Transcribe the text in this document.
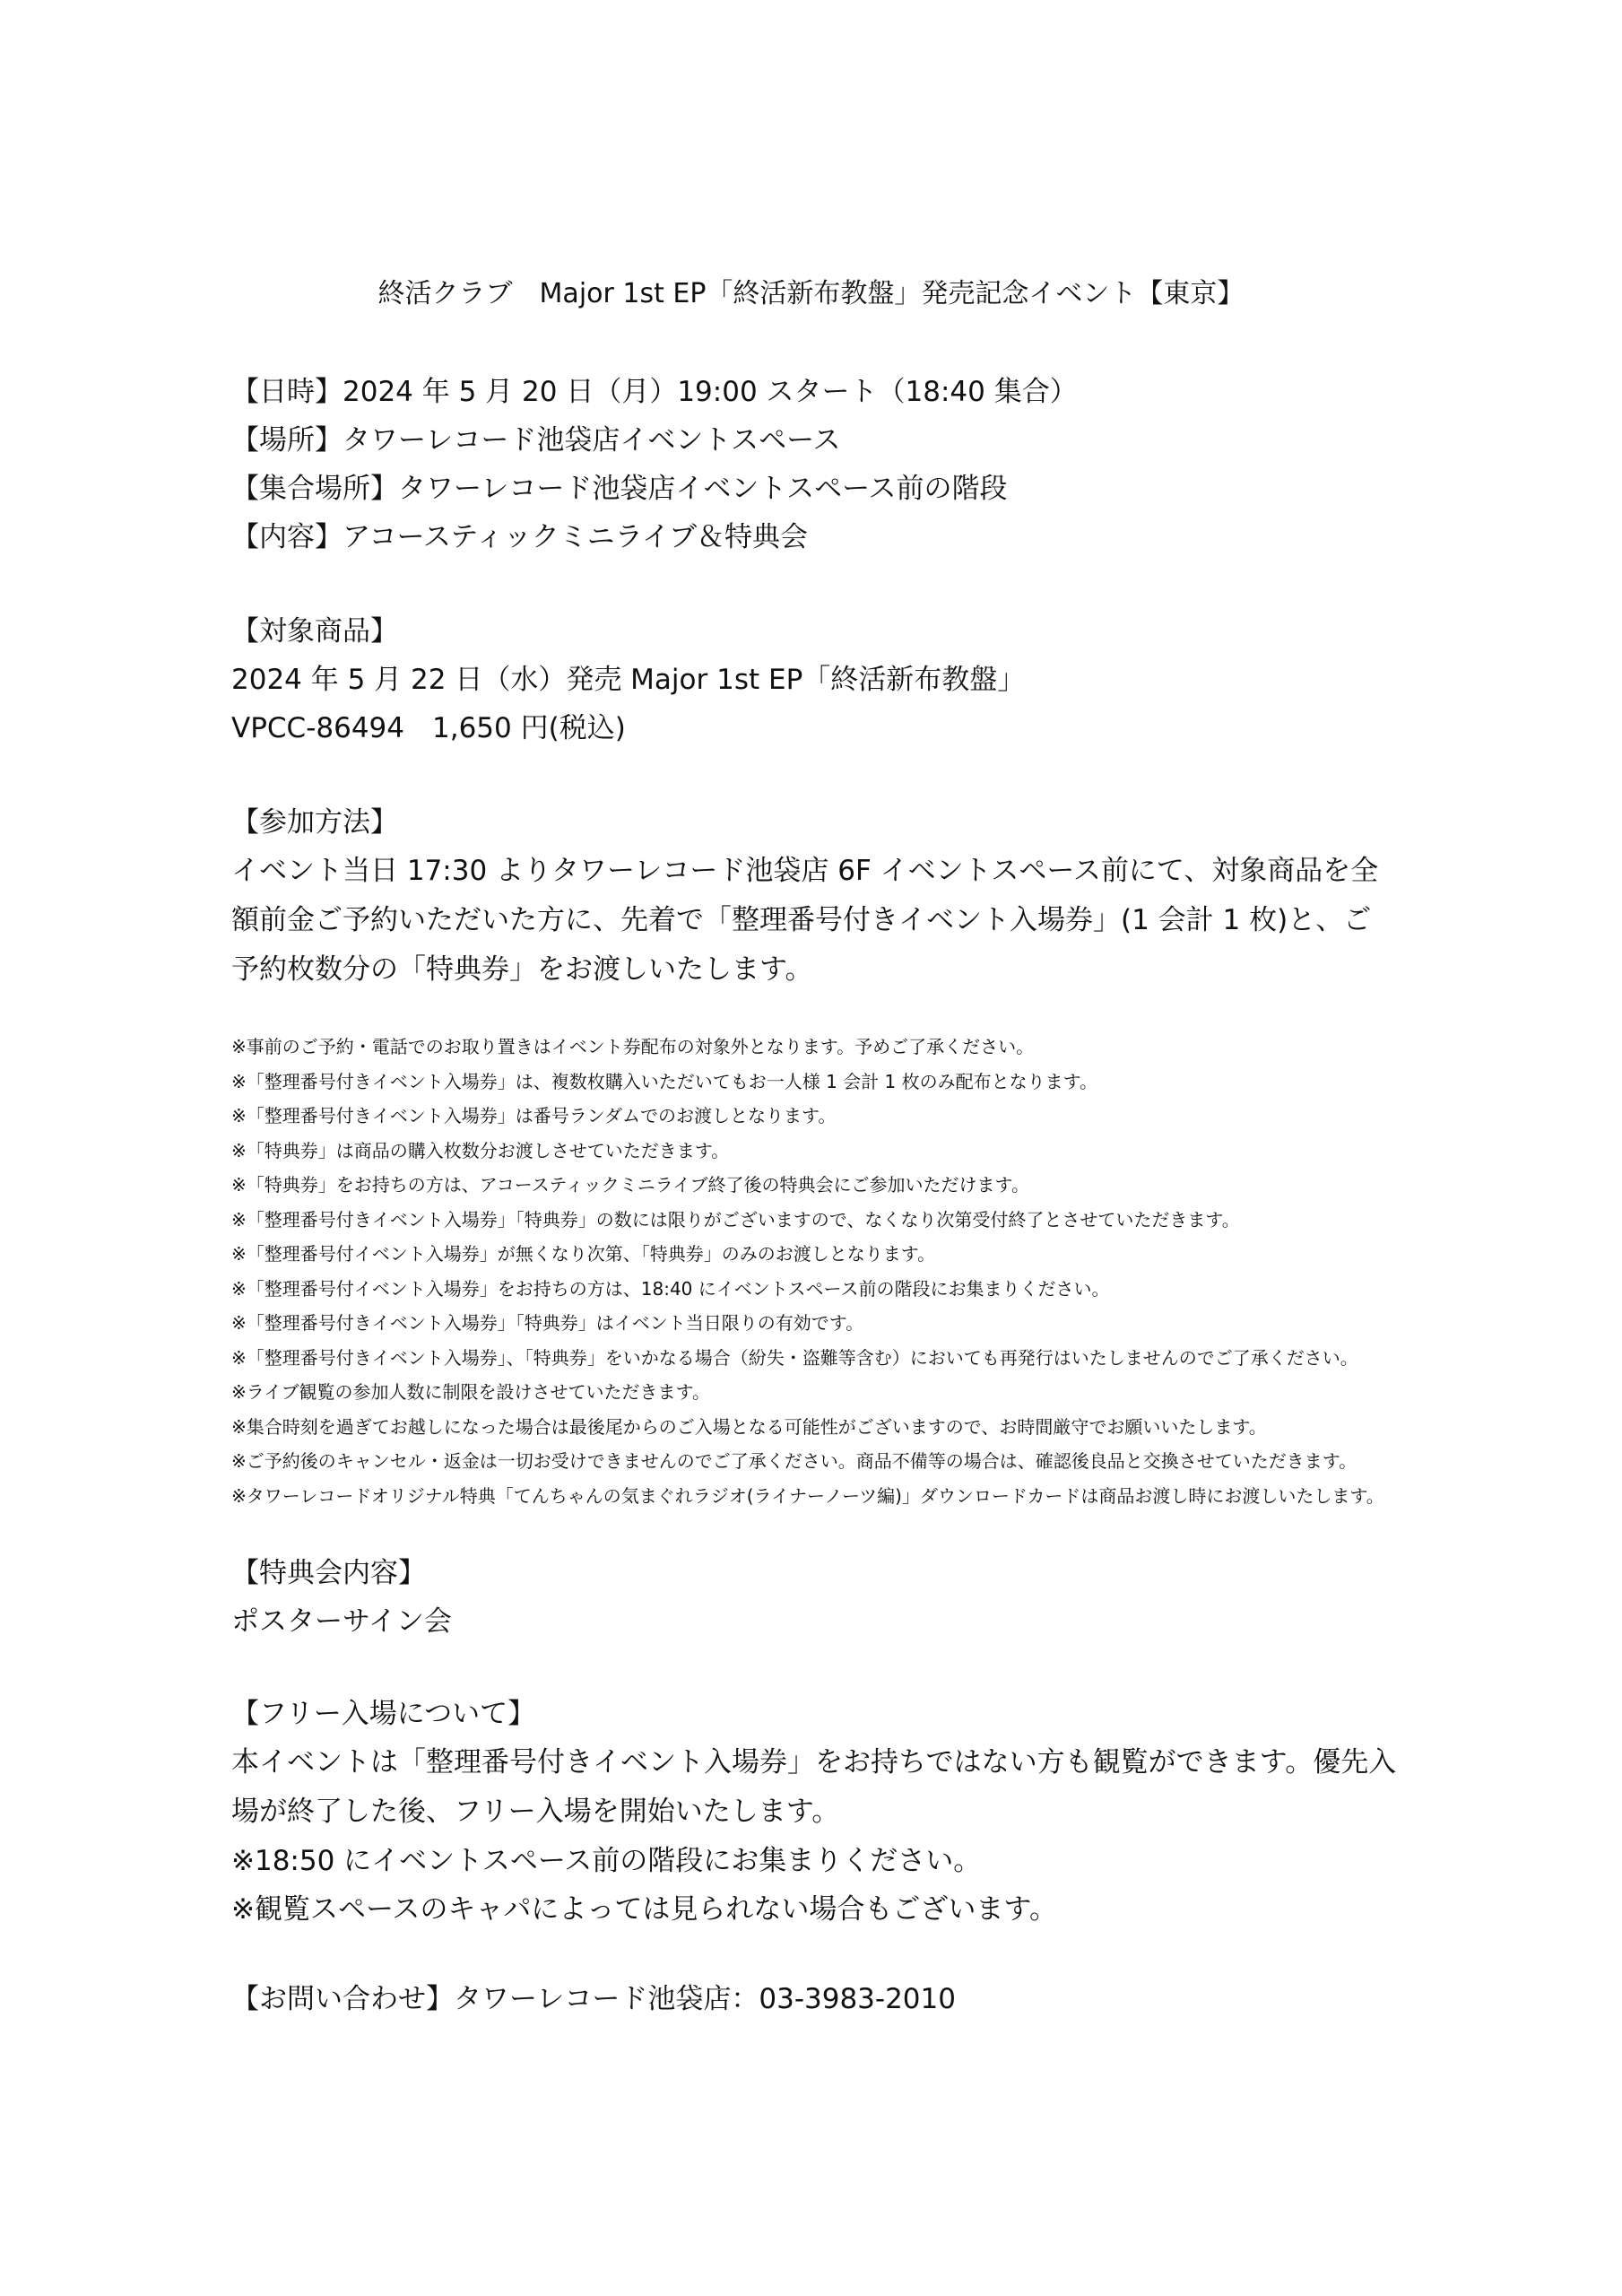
終活クラブ　Major 1st EP「終活新布教盤」発売記念イベント【東京】
【日時】2024 年 5 月 20 日（月）19:00 スタート（18:40 集合）
【場所】タワーレコード池袋店イベントスペース
【集合場所】タワーレコード池袋店イベントスペース前の階段
【内容】アコースティックミニライブ＆特典会
【対象商品】
2024 年 5 月 22 日（水）発売 Major 1st EP「終活新布教盤」
VPCC-86494　1,650 円(税込)
【参加方法】
イベント当日 17:30 よりタワーレコード池袋店 6F イベントスペース前にて、対象商品を全額前金ご予約いただいた方に、先着で「整理番号付きイベント入場券」(1 会計 1 枚)と、ご予約枚数分の「特典券」をお渡しいたします。
※事前のご予約・電話でのお取り置きはイベント券配布の対象外となります。予めご了承ください。
※「整理番号付きイベント入場券」は、複数枚購入いただいてもお一人様 1 会計 1 枚のみ配布となります。
※「整理番号付きイベント入場券」は番号ランダムでのお渡しとなります。
※「特典券」は商品の購入枚数分お渡しさせていただきます。
※「特典券」をお持ちの方は、アコースティックミニライブ終了後の特典会にご参加いただけます。
※「整理番号付きイベント入場券」「特典券」の数には限りがございますので、なくなり次第受付終了とさせていただきます。
※「整理番号付イベント入場券」が無くなり次第、「特典券」のみのお渡しとなります。
※「整理番号付イベント入場券」をお持ちの方は、18:40 にイベントスペース前の階段にお集まりください。
※「整理番号付きイベント入場券」「特典券」はイベント当日限りの有効です。
※「整理番号付きイベント入場券」、「特典券」をいかなる場合（紛失・盗難等含む）においても再発行はいたしませんのでご了承ください。
※ライブ観覧の参加人数に制限を設けさせていただきます。
※集合時刻を過ぎてお越しになった場合は最後尾からのご入場となる可能性がございますので、お時間厳守でお願いいたします。
※ご予約後のキャンセル・返金は一切お受けできませんのでご了承ください。商品不備等の場合は、確認後良品と交換させていただきます。
※タワーレコードオリジナル特典「てんちゃんの気まぐれラジオ(ライナーノーツ編)」ダウンロードカードは商品お渡し時にお渡しいたします。
【特典会内容】
ポスターサイン会
【フリー入場について】
本イベントは「整理番号付きイベント入場券」をお持ちではない方も観覧ができます。優先入場が終了した後、フリー入場を開始いたします。
※18:50 にイベントスペース前の階段にお集まりください。
※観覧スペースのキャパによっては見られない場合もございます。
【お問い合わせ】タワーレコード池袋店：03-3983-2010
